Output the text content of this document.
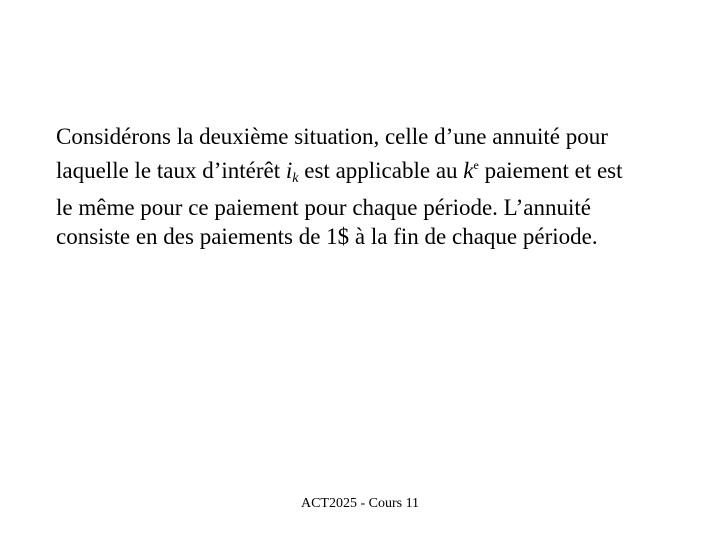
Considérons la deuxième situation, celle d’une annuité pour
laquelle le taux d’intérêt $i_k$ est applicable au $k^e$ paiement et est
le même pour ce paiement pour chaque période. L’annuité
consiste en des paiements de 1$ à la fin de chaque période.

ACT2025 - Cours 11
